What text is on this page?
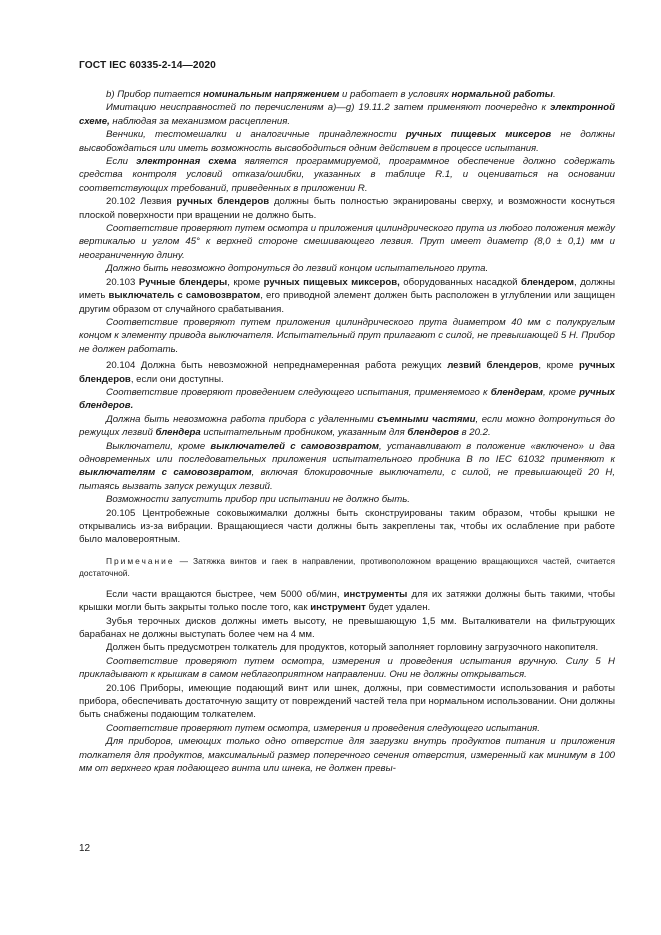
ГОСТ IEC 60335-2-14—2020

b) Прибор питается номинальным напряжением и работает в условиях нормальной работы.

Имитацию неисправностей по перечислениям а)—g) 19.11.2 затем применяют поочередно к электронной схеме, наблюдая за механизмом расцепления.

Венчики, тестомешалки и аналогичные принадлежности ручных пищевых миксеров не должны высвобождаться или иметь возможность высвободиться одним действием в процессе испытания.

Если электронная схема является программируемой, программное обеспечение должно содержать средства контроля условий отказа/ошибки, указанных в таблице R.1, и оцениваться на основании соответствующих требований, приведенных в приложении R.

20.102 Лезвия ручных блендеров должны быть полностью экранированы сверху, и возможности коснуться плоской поверхности при вращении не должно быть.

Соответствие проверяют путем осмотра и приложения цилиндрического прута из любого положения между вертикалью и углом 45° к верхней стороне смешивающего лезвия. Прут имеет диаметр (8,0 ± 0,1) мм и неограниченную длину.

Должно быть невозможно дотронуться до лезвий концом испытательного прута.

20.103 Ручные блендеры, кроме ручных пищевых миксеров, оборудованных насадкой блендером, должны иметь выключатель с самовозвратом, его приводной элемент должен быть расположен в углублении или защищен другим образом от случайного срабатывания.

Соответствие проверяют путем приложения цилиндрического прута диаметром 40 мм с полукруглым концом к элементу привода выключателя. Испытательный прут прилагают с силой, не превышающей 5 Н. Прибор не должен работать.

20.104 Должна быть невозможной непреднамеренная работа режущих лезвий блендеров, кроме ручных блендеров, если они доступны.

Соответствие проверяют проведением следующего испытания, применяемого к блендерам, кроме ручных блендеров.

Должна быть невозможна работа прибора с удаленными съемными частями, если можно дотронуться до режущих лезвий блендера испытательным пробником, указанным для блендеров в 20.2.

Выключатели, кроме выключателей с самовозвратом, устанавливают в положение «включено» и два одновременных или последовательных приложения испытательного пробника В по IEC 61032 применяют к выключателям с самовозвратом, включая блокировочные выключатели, с силой, не превышающей 20 Н, пытаясь вызвать запуск режущих лезвий.

Возможности запустить прибор при испытании не должно быть.

20.105 Центробежные соковыжималки должны быть сконструированы таким образом, чтобы крышки не открывались из-за вибрации. Вращающиеся части должны быть закреплены так, чтобы их ослабление при работе было маловероятным.

Примечание — Затяжка винтов и гаек в направлении, противоположном вращению вращающихся частей, считается достаточной.

Если части вращаются быстрее, чем 5000 об/мин, инструменты для их затяжки должны быть такими, чтобы крышки могли быть закрыты только после того, как инструмент будет удален.

Зубья терочных дисков должны иметь высоту, не превышающую 1,5 мм. Выталкиватели на фильтрующих барабанах не должны выступать более чем на 4 мм.

Должен быть предусмотрен толкатель для продуктов, который заполняет горловину загрузочного накопителя.

Соответствие проверяют путем осмотра, измерения и проведения испытания вручную. Силу 5 Н прикладывают к крышкам в самом неблагоприятном направлении. Они не должны открываться.

20.106 Приборы, имеющие подающий винт или шнек, должны, при совместимости использования и работы прибора, обеспечивать достаточную защиту от повреждений частей тела при нормальном использовании. Они должны быть снабжены подающим толкателем.

Соответствие проверяют путем осмотра, измерения и проведения следующего испытания.

Для приборов, имеющих только одно отверстие для загрузки внутрь продуктов питания и приложения толкателя для продуктов, максимальный размер поперечного сечения отверстия, измеренный как минимум в 100 мм от верхнего края подающего винта или шнека, не должен превы-

12
